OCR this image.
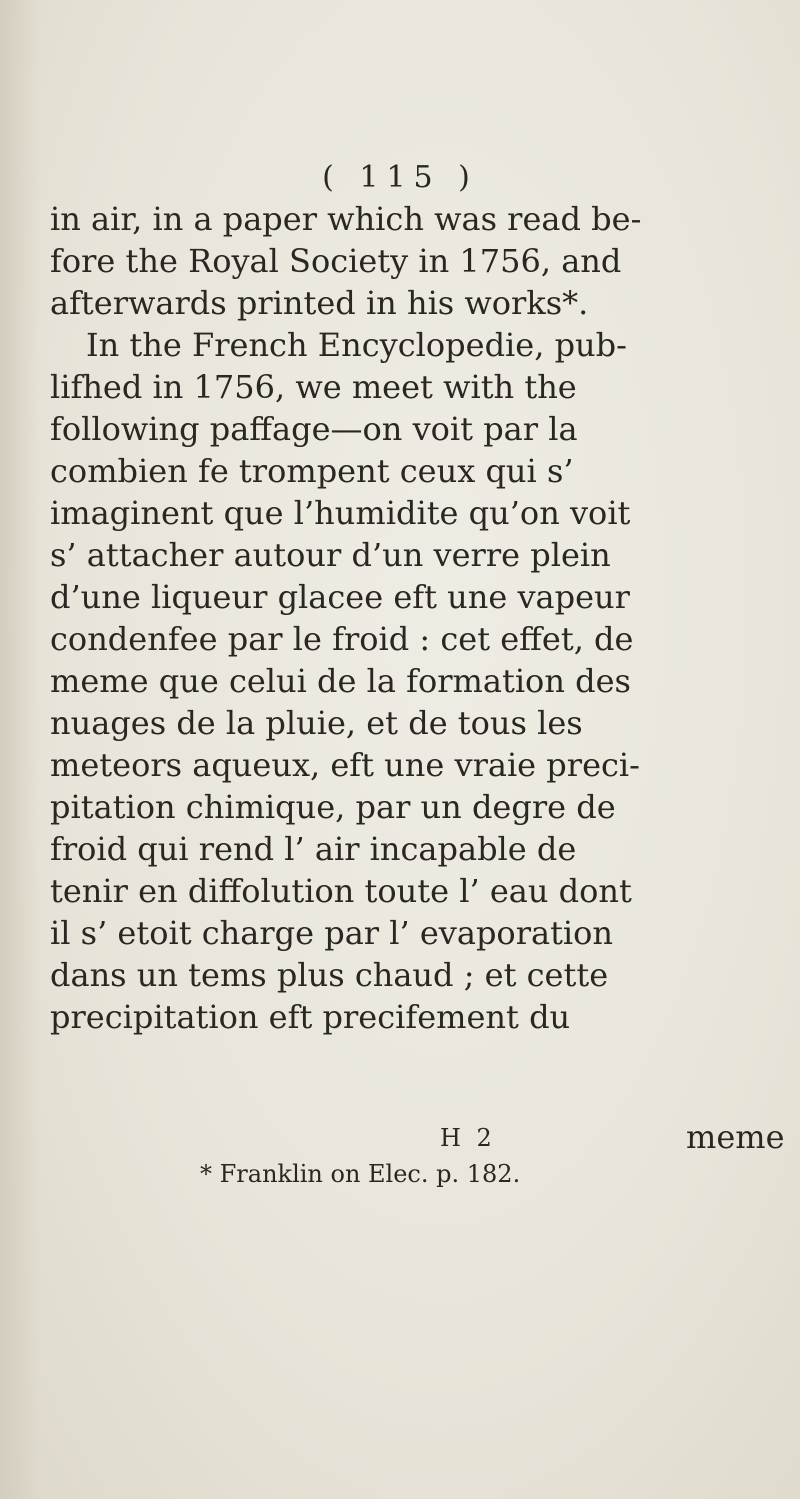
( 115 )
in air, in a paper which was read be-
fore the Royal Society in 1756, and
afterwards printed in his works*.
In the French Encyclopedie, pub-
lifhed in 1756, we meet with the
following paffage—on voit par la
combien fe trompent ceux qui s’
imaginent que l’humidite qu’on voit
s’ attacher autour d’un verre plein
d’une liqueur glacee eft une vapeur
condenfee par le froid : cet effet, de
meme que celui de la formation des
nuages de la pluie, et de tous les
meteors aqueux, eft une vraie preci-
pitation chimique, par un degre de
froid qui rend l’ air incapable de
tenir en diffolution toute l’ eau dont
il s’ etoit charge par l’ evaporation
dans un tems plus chaud ; et cette
precipitation eft precifement du
H 2	meme
* Franklin on Elec. p. 182.
